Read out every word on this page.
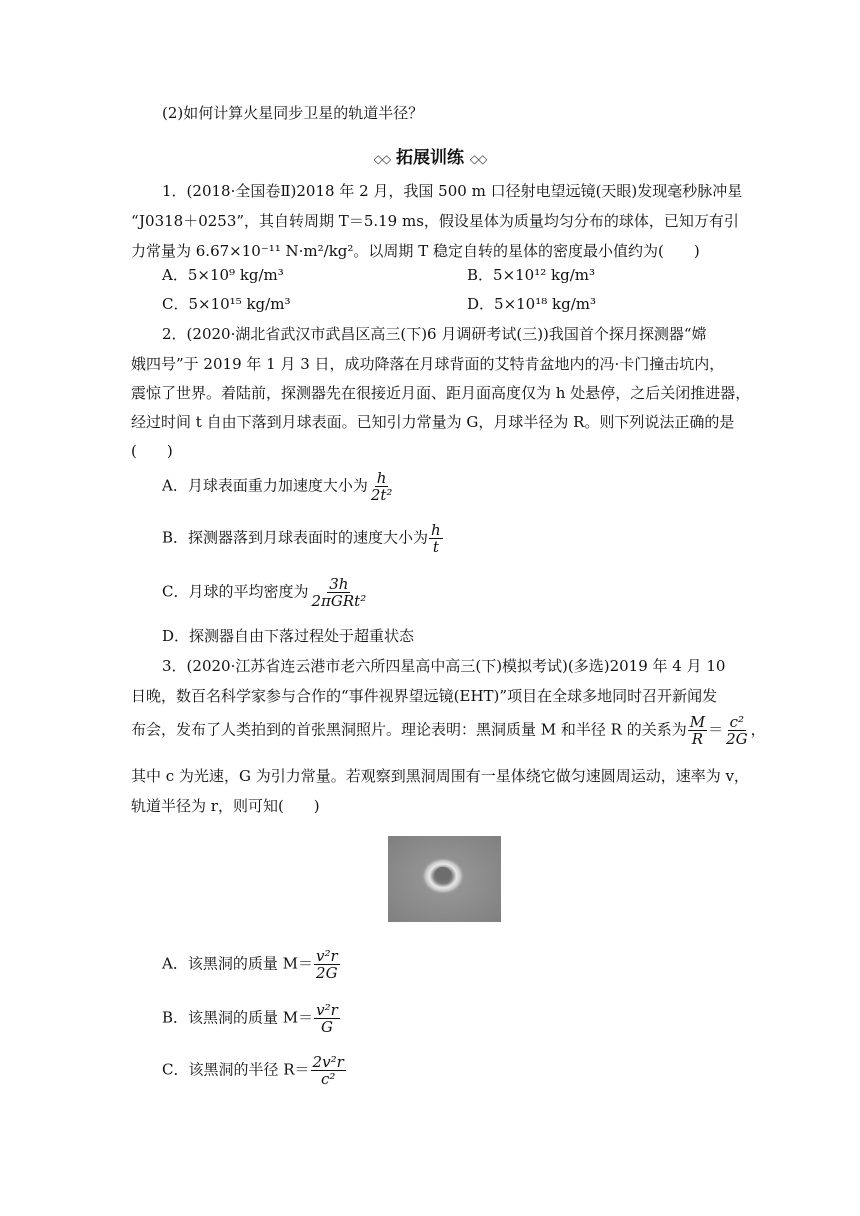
(2)如何计算火星同步卫星的轨道半径？
◇◇ 拓展训练 ◇◇
1．(2018·全国卷Ⅱ)2018 年 2 月，我国 500 m 口径射电望远镜(天眼)发现毫秒脉冲星
“J0318＋0253”，其自转周期 T＝5.19 ms，假设星体为质量均匀分布的球体，已知万有引
力常量为 6.67×10⁻¹¹ N·m²/kg²。以周期 T 稳定自转的星体的密度最小值约为(　　)
A．5×10⁹ kg/m³	B．5×10¹² kg/m³
C．5×10¹⁵ kg/m³	D．5×10¹⁸ kg/m³
2．(2020·湖北省武汉市武昌区高三(下)6 月调研考试(三))我国首个探月探测器“嫦
娥四号”于 2019 年 1 月 3 日，成功降落在月球背面的艾特肯盆地内的冯·卡门撞击坑内，
震惊了世界。着陆前，探测器先在很接近月面、距月面高度仅为 h 处悬停，之后关闭推进器，
经过时间 t 自由下落到月球表面。已知引力常量为 G，月球半径为 R。则下列说法正确的是
(　　)
A．月球表面重力加速度大小为 $\frac{h}{\text{2t²}}$
B．探测器落到月球表面时的速度大小为 $\frac{h}{t}$
C．月球的平均密度为 $\frac{3h}{\text{2πGRt²}}$
D．探测器自由下落过程处于超重状态
3．(2020·江苏省连云港市老六所四星高中高三(下)模拟考试)(多选)2019 年 4 月 10
日晚，数百名科学家参与合作的“事件视界望远镜(EHT)”项目在全球多地同时召开新闻发
布会，发布了人类拍到的首张黑洞照片。理论表明：黑洞质量 M 和半径 R 的关系为 $\frac{M}{R} = \frac{\text{c²}}{2G}$ ，
其中 c 为光速，G 为引力常量。若观察到黑洞周围有一星体绕它做匀速圆周运动，速率为 v，
轨道半径为 r，则可知(　　)
A．该黑洞的质量 $M= \frac{\text{v²r}}{2G}$
B．该黑洞的质量 $M= \frac{\text{v²r}}{G}$
C．该黑洞的半径 $R= \frac{\text{2v²r}}{\text{c²}}$
